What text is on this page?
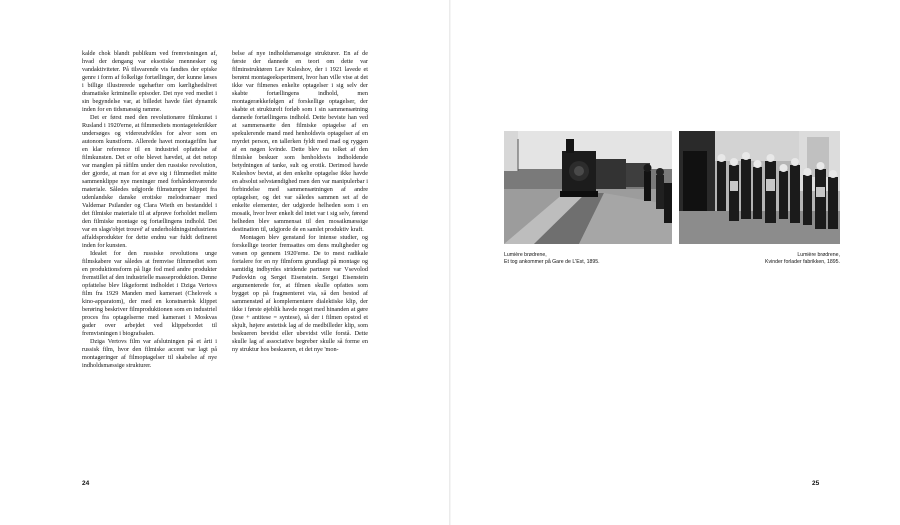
kalde chok blandt publikum ved fremvisningen af, hvad der dengang var eksotiske mennesker og vandaktiviteter. På tilsvarende vis fandtes der episke genre i form af folkelige fortællinger, der kunne læses i billige illustrerede ugehæfter om kærlighedslivet dramatiske kriminelle episoder. Det nye ved mediet i sin begyndelse var, at billedet havde fået dynamik inden for en tidsmæssig ramme.

Det er først med den revolutionære filmkunst i Rusland i 1920'erne, at filmmediets montageteknikker undersøges og videreudvikles for alvor som en autonom kunstform. Allerede havet montagefilm har en klar reference til en industriel opfattelse af filmkunsten. Det er ofte blevet hævdet, at det netop var manglen på råfilm under den russiske revolution, der gjorde, at man for at øve sig i filmmediet måtte sammenklippe nye meninger med forhåndenværende materiale. Således udgjorde filmstumper klippet fra udenlandske danske erotiske melodramaer med Valdemar Psilander og Clara Wieth en bestanddel i det filmiske materiale til at afprøve forholdet mellem den filmiske montage og fortællingens indhold. Det var en slags'objet trouvé' af underholdningsindustriens affaldsprodukter for dette endnu var fuldt defineret inden for kunsten.

Idealet for den russiske revolutions unge filmskabere var således at fremvise filmmediet som en produktionsform på lige fod med andre produkter fremstillet af den industrielle masseproduktion. Denne opfattelse blev likgeformt indholdet i Dziga Vertovs film fra 1929 Manden med kameraet (Chelovek s kino-apparatom), der med en konstnærisk klippet berøring beskriver filmproduktionen som en industriel proces fra optagelserne med kameraet i Moskvas gader over arbejdet ved klippebordet til fremvisningen i biografsalen.

Dziga Vertovs film var afslutningen på et årti i russisk film, hvor den filmiske accent var lagt på montageringer af filmoptagelser til skabelse af nye indholdsmæssige strukturer.

belse af nye indholdsmæssige strukturer. En af de første der dannede en teori om dette var filminstruktøren Lev Kuleshov, der i 1921 lavede et berømt montageeksperiment, hvor han ville vise at det ikke var filmenes enkelte optagelser i sig selv der skabte fortællingens indhold, men montagerækkefølgen af forskellige optagelser, der skabte et strukturelt forløb som i sin sammensætning dannede fortællingens indhold. Dette beviste han ved at sammensætte den filmiske optagelse af en spekulerende mand med henholdsvis optagelser af en myrdet person, en tallerken fyldt med mad og ryggen af en nøgen kvinde. Dette blev nu tolket af den filmiske beskuer som henholdsvis indholdende betydningen af tanke, sult og erotik. Derimod havde Kuleshov bevist, at den enkelte optagelse ikke havde en absolut selvstændighed men den var manipulerbar i forbindelse med sammensætningen af andre optagelser, og det var således sammen set af de enkelte elementer, der udgjorde helheden som i en mosaik, hvor hver enkelt del intet var i sig selv, førend helheden blev sammensat til den mosaikmæssige destination til, udgjorde de en samlet produktiv kraft.

Montagen blev genstand for intense studier, og forskellige teorier fremsattes om dens muligheder og væsen op gennem 1920'erne. De to mest radikale fortalere for en ny filmform grundlagt på montage og samtidig indbyrdes stridende partnere var Vsevolod Pudovkin og Sergei Eisenstein. Sergei Eisenstein argumenterede for, at filmen skulle opfattes som bygget op på fragmenteret via, så den bestod af sammenstød af komplementære dialektiske klip, der ikke i første øjeblik havde noget med hinanden at gøre (tese + antitese = syntese), så der i filmen opstod et skjult, højere æstetisk lag af de medbilleder klip, som beskueren bevidst eller ubevidst ville forstå. Dette skulle lag af associative begreber skulle så forme en ny struktur hos beskueren, et det nye 'mon-

24
Lumière brødrene,
Et tog ankommer på Gare de L'Est, 1895.
Lumière brødrene,
Kvinder forlader fabrikken, 1895.
25
